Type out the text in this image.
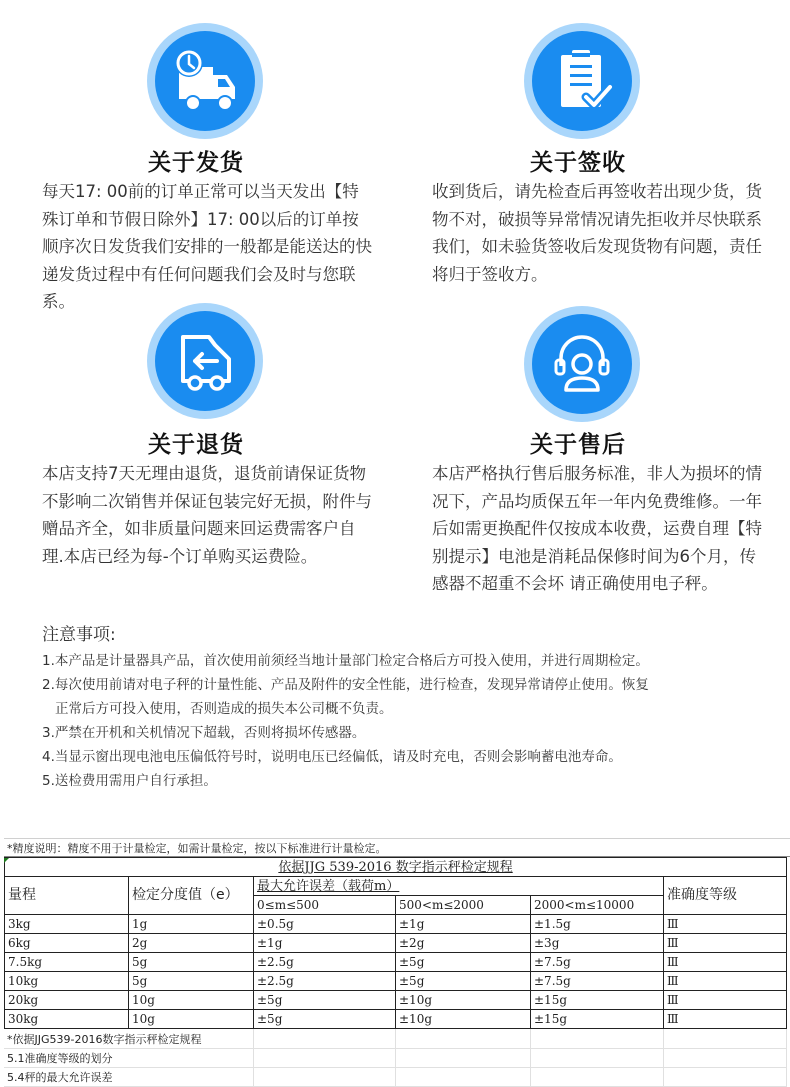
关于发货
每天17: 00前的订单正常可以当天发出【特殊订单和节假日除外】17: 00以后的订单按顺序次日发货我们安排的一般都是能送达的快递发货过程中有任何问题我们会及时与您联系。
关于签收
收到货后，请先检查后再签收若出现少货，货物不对，破损等异常情况请先拒收并尽快联系我们，如未验货签收后发现货物有问题，责任将归于签收方。
关于退货
本店支持7天无理由退货，退货前请保证货物不影响二次销售并保证包装完好无损，附件与赠品齐全，如非质量问题来回运费需客户自理.本店已经为每-个订单购买运费险。
关于售后
本店严格执行售后服务标准，非人为损坏的情况下，产品均质保五年一年内免费维修。一年后如需更换配件仅按成本收费，运费自理【特别提示】电池是消耗品保修时间为6个月，传感器不超重不会坏 请正确使用电子秤。
注意事项:
1.本产品是计量器具产品，首次使用前须经当地计量部门检定合格后方可投入使用，并进行周期检定。
2.每次使用前请对电子秤的计量性能、产品及附件的安全性能，进行检查，发现异常请停止使用。恢复
正常后方可投入使用，否则造成的损失本公司概不负责。
3.严禁在开机和关机情况下超载，否则将损坏传感器。
4.当显示窗出现电池电压偏低符号时，说明电压已经偏低，请及时充电，否则会影响蓄电池寿命。
5.送检费用需用户自行承担。
*精度说明：精度不用于计量检定，如需计量检定，按以下标准进行计量检定。
依据JJG 539-2016 数字指示秤检定规程					
量程	检定分度值（e）	最大允许误差（载荷m）			准确度等级
		0≤m≤500	500<m≤2000	2000<m≤10000	
3kg	1g	±0.5g	±1g	±1.5g	Ⅲ
6kg	2g	±1g	±2g	±3g	Ⅲ
7.5kg	5g	±2.5g	±5g	±7.5g	Ⅲ
10kg	5g	±2.5g	±5g	±7.5g	Ⅲ
20kg	10g	±5g	±10g	±15g	Ⅲ
30kg	10g	±5g	±10g	±15g	Ⅲ
*依据JJG539-2016数字指示秤检定规程				
5.1准确度等级的划分				
5.4秤的最大允许误差				
